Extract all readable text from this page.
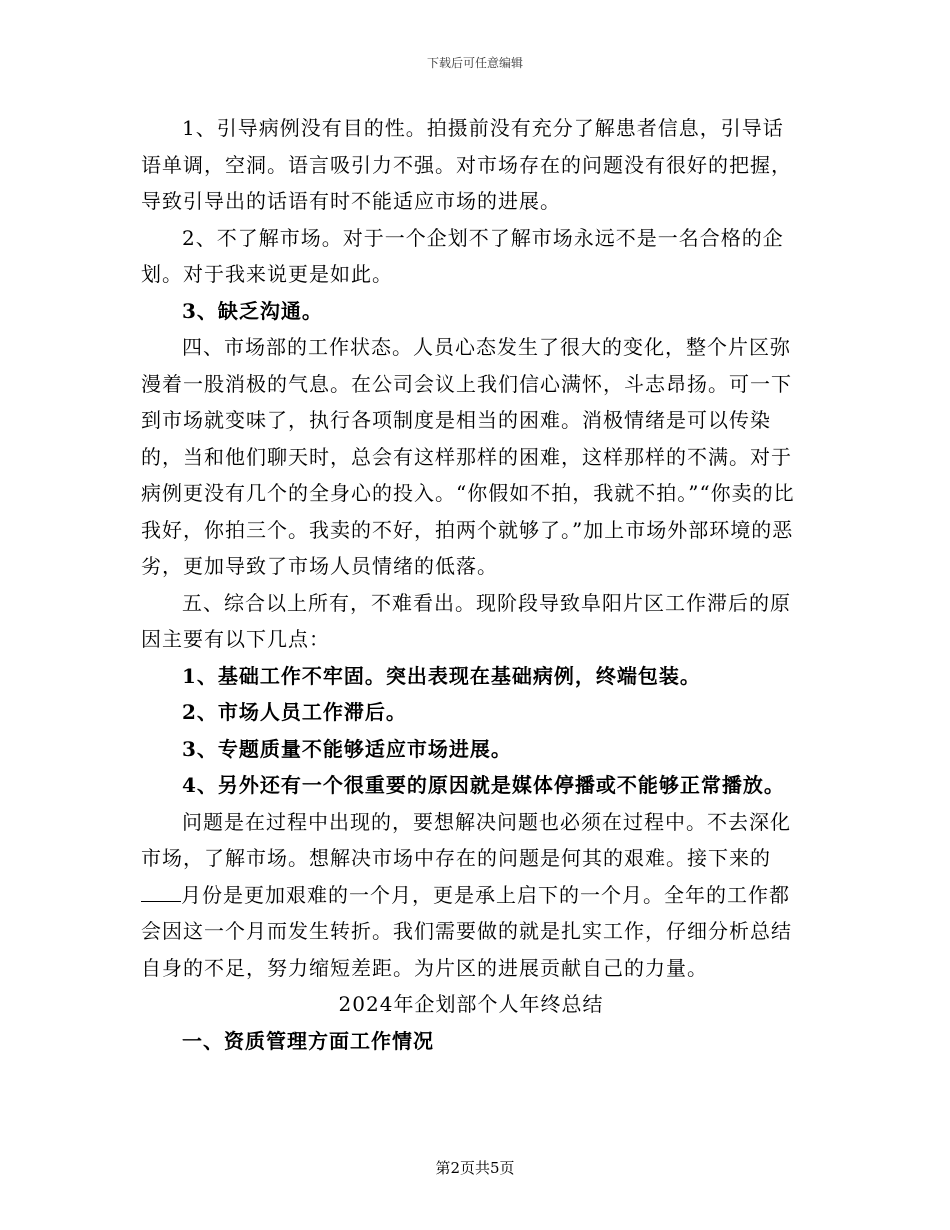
下载后可任意编辑

1、引导病例没有目的性。拍摄前没有充分了解患者信息，引导话语单调，空洞。语言吸引力不强。对市场存在的问题没有很好的把握，导致引导出的话语有时不能适应市场的进展。

2、不了解市场。对于一个企划不了解市场永远不是一名合格的企划。对于我来说更是如此。

3、缺乏沟通。

四、市场部的工作状态。人员心态发生了很大的变化，整个片区弥漫着一股消极的气息。在公司会议上我们信心满怀，斗志昂扬。可一下到市场就变味了，执行各项制度是相当的困难。消极情绪是可以传染的，当和他们聊天时，总会有这样那样的困难，这样那样的不满。对于病例更没有几个的全身心的投入。“你假如不拍，我就不拍。”“你卖的比我好，你拍三个。我卖的不好，拍两个就够了。”加上市场外部环境的恶劣，更加导致了市场人员情绪的低落。

五、综合以上所有，不难看出。现阶段导致阜阳片区工作滞后的原因主要有以下几点：

1、基础工作不牢固。突出表现在基础病例，终端包装。

2、市场人员工作滞后。

3、专题质量不能够适应市场进展。

4、另外还有一个很重要的原因就是媒体停播或不能够正常播放。

问题是在过程中出现的，要想解决问题也必须在过程中。不去深化市场，了解市场。想解决市场中存在的问题是何其的艰难。接下来的月份是更加艰难的一个月，更是承上启下的一个月。全年的工作都会因这一个月而发生转折。我们需要做的就是扎实工作，仔细分析总结自身的不足，努力缩短差距。为片区的进展贡献自己的力量。

2024年企划部个人年终总结

一、资质管理方面工作情况

第2页共5页
